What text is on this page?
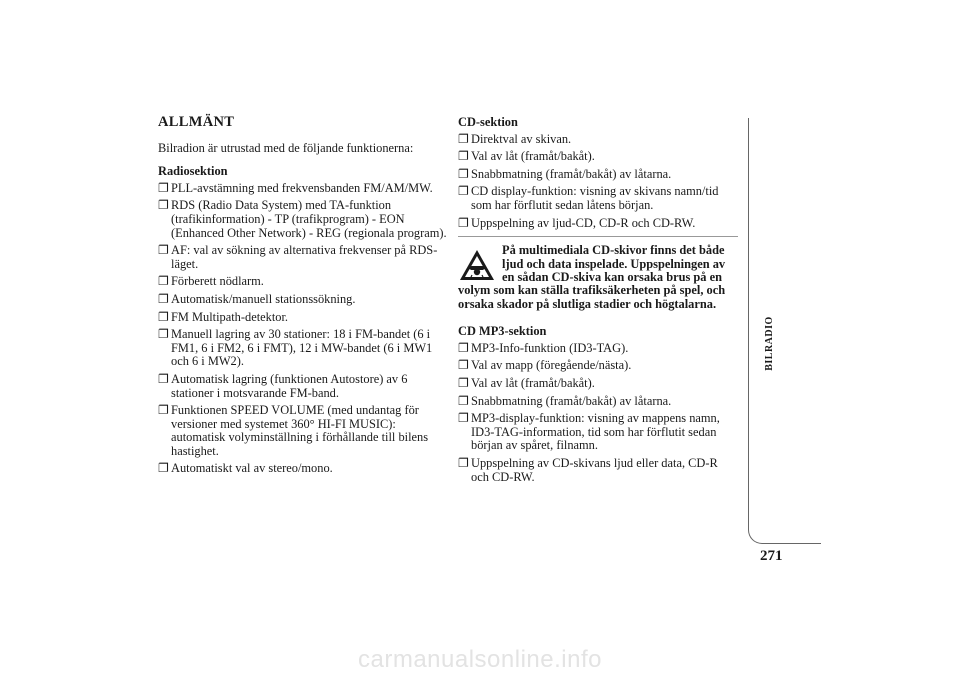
ALLMÄNT

Bilradion är utrustad med de följande funktionerna:

Radiosektion

❐ PLL-avstämning med frekvensbanden FM/AM/MW.
❐ RDS (Radio Data System) med TA-funktion (trafikinformation) - TP (trafikprogram) - EON (Enhanced Other Network) - REG (regionala program).
❐ AF: val av sökning av alternativa frekvenser på RDS-läget.
❐ Förberett nödlarm.
❐ Automatisk/manuell stationssökning.
❐ FM Multipath-detektor.
❐ Manuell lagring av 30 stationer: 18 i FM-bandet (6 i FM1, 6 i FM2, 6 i FMT), 12 i MW-bandet (6 i MW1 och 6 i MW2).
❐ Automatisk lagring (funktionen Autostore) av 6 stationer i motsvarande FM-band.
❐ Funktionen SPEED VOLUME (med undantag för versioner med systemet 360° HI-FI MUSIC): automatisk volyminställning i förhållande till bilens hastighet.
❐ Automatiskt val av stereo/mono.

CD-sektion

❐ Direktval av skivan.
❐ Val av låt (framåt/bakåt).
❐ Snabbmatning (framåt/bakåt) av låtarna.
❐ CD display-funktion: visning av skivans namn/tid som har förflutit sedan låtens början.
❐ Uppspelning av ljud-CD, CD-R och CD-RW.
På multimediala CD-skivor finns det både ljud och data inspelade. Uppspelningen av en sådan CD-skiva kan orsaka brus på en volym som kan ställa trafiksäkerheten på spel, och orsaka skador på slutliga stadier och högtalarna.

CD MP3-sektion

❐ MP3-Info-funktion (ID3-TAG).
❐ Val av mapp (föregående/nästa).
❐ Val av låt (framåt/bakåt).
❐ Snabbmatning (framåt/bakåt) av låtarna.
❐ MP3-display-funktion: visning av mappens namn, ID3-TAG-information, tid som har förflutit sedan början av spåret, filnamn.
❐ Uppspelning av CD-skivans ljud eller data, CD-R och CD-RW.
BILRADIO
271
carmanualsonline.info
